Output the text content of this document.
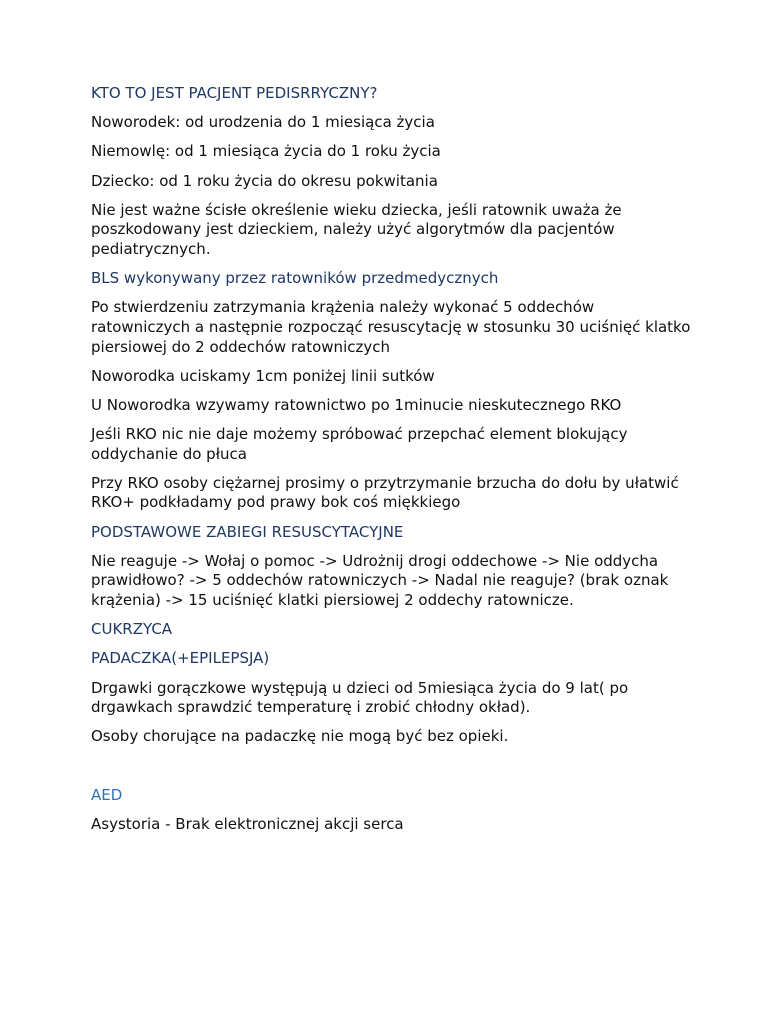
KTO TO JEST PACJENT PEDISRRYCZNY?

Noworodek: od urodzenia do 1 miesiąca życia

Niemowlę: od 1 miesiąca życia do 1 roku życia

Dziecko: od 1 roku życia do okresu pokwitania

Nie jest ważne ścisłe określenie wieku dziecka, jeśli ratownik uważa że poszkodowany jest dzieckiem, należy użyć algorytmów dla pacjentów pediatrycznych.

BLS wykonywany przez ratowników przedmedycznych

Po stwierdzeniu zatrzymania krążenia należy wykonać 5 oddechów ratowniczych a następnie rozpocząć resuscytację w stosunku 30 uciśnięć klatko piersiowej do 2 oddechów ratowniczych

Noworodka uciskamy 1cm poniżej linii sutków

U Noworodka wzywamy ratownictwo po 1minucie nieskutecznego RKO

Jeśli RKO nic nie daje możemy spróbować przepchać element blokujący oddychanie do płuca

Przy RKO osoby ciężarnej prosimy o przytrzymanie brzucha do dołu by ułatwić RKO+ podkładamy pod prawy bok coś miękkiego

PODSTAWOWE ZABIEGI RESUSCYTACYJNE

Nie reaguje -> Wołaj o pomoc -> Udrożnij drogi oddechowe -> Nie oddycha prawidłowo? -> 5 oddechów ratowniczych -> Nadal nie reaguje? (brak oznak krążenia) -> 15 uciśnięć klatki piersiowej 2 oddechy ratownicze.

CUKRZYCA

PADACZKA(+EPILEPSJA)

Drgawki gorączkowe występują u dzieci od 5miesiąca życia do 9 lat( po drgawkach sprawdzić temperaturę i zrobić chłodny okład).

Osoby chorujące na padaczkę nie mogą być bez opieki.

AED

Asystoria - Brak elektronicznej akcji serca
